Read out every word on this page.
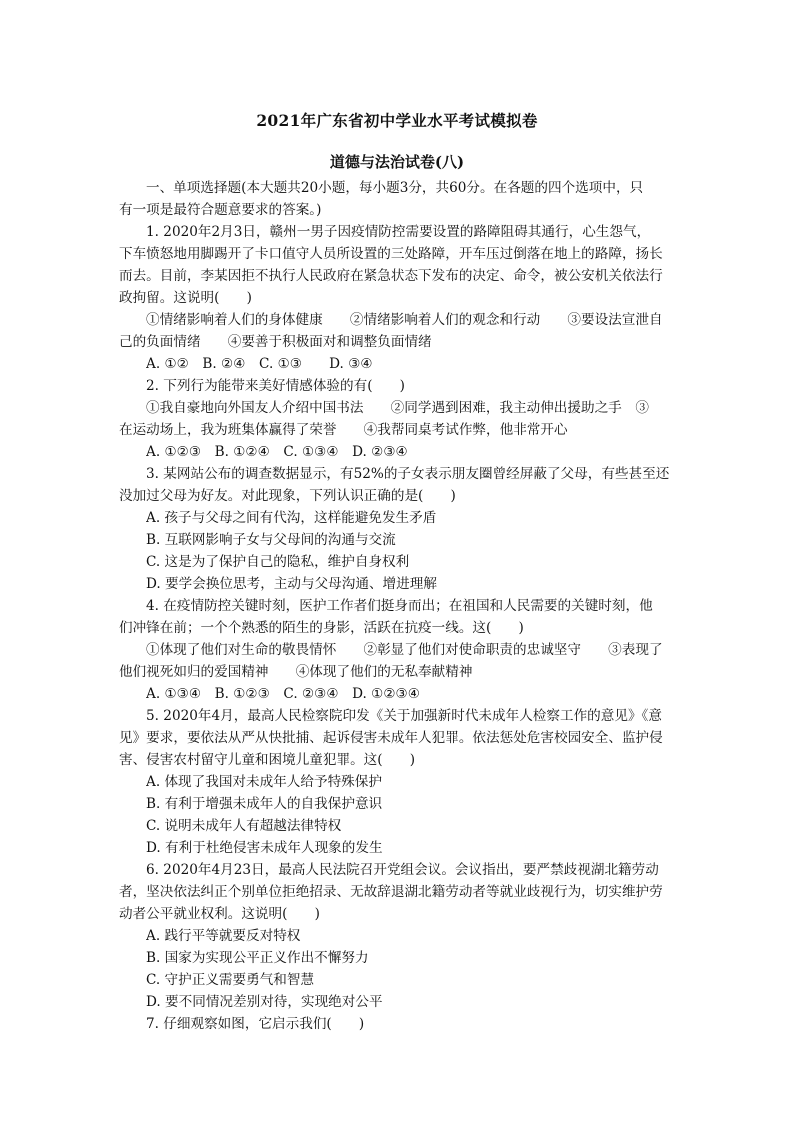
2021年广东省初中学业水平考试模拟卷
道德与法治试卷(八)
一、单项选择题(本大题共20小题，每小题3分，共60分。在各题的四个选项中，只
有一项是最符合题意要求的答案。)
1. 2020年2月3日，赣州一男子因疫情防控需要设置的路障阻碍其通行，心生怨气，
下车愤怒地用脚踢开了卡口值守人员所设置的三处路障，开车压过倒落在地上的路障，扬长
而去。目前，李某因拒不执行人民政府在紧急状态下发布的决定、命令，被公安机关依法行
政拘留。这说明(　　)
①情绪影响着人们的身体健康　　②情绪影响着人们的观念和行动　　③要设法宣泄自
己的负面情绪　　④要善于积极面对和调整负面情绪
A. ①②　B. ②④　C. ①③　　D. ③④
2. 下列行为能带来美好情感体验的有(　　)
①我自豪地向外国友人介绍中国书法　　②同学遇到困难，我主动伸出援助之手　③
在运动场上，我为班集体赢得了荣誉　　④我帮同桌考试作弊，他非常开心
A. ①②③　B. ①②④　C. ①③④　D. ②③④
3. 某网站公布的调查数据显示，有52%的子女表示朋友圈曾经屏蔽了父母，有些甚至还
没加过父母为好友。对此现象，下列认识正确的是(　　)
A. 孩子与父母之间有代沟，这样能避免发生矛盾
B. 互联网影响子女与父母间的沟通与交流
C. 这是为了保护自己的隐私，维护自身权利
D. 要学会换位思考，主动与父母沟通、增进理解
4. 在疫情防控关键时刻，医护工作者们挺身而出；在祖国和人民需要的关键时刻，他
们冲锋在前；一个个熟悉的陌生的身影，活跃在抗疫一线。这(　　)
①体现了他们对生命的敬畏情怀　　②彰显了他们对使命职责的忠诚坚守　　③表现了
他们视死如归的爱国精神　　④体现了他们的无私奉献精神
A. ①③④　B. ①②③　C. ②③④　D. ①②③④
5. 2020年4月，最高人民检察院印发《关于加强新时代未成年人检察工作的意见》《意
见》要求，要依法从严从快批捕、起诉侵害未成年人犯罪。依法惩处危害校园安全、监护侵
害、侵害农村留守儿童和困境儿童犯罪。这(　　)
A. 体现了我国对未成年人给予特殊保护
B. 有利于增强未成年人的自我保护意识
C. 说明未成年人有超越法律特权
D. 有利于杜绝侵害未成年人现象的发生
6. 2020年4月23日，最高人民法院召开党组会议。会议指出，要严禁歧视湖北籍劳动
者，坚决依法纠正个别单位拒绝招录、无故辞退湖北籍劳动者等就业歧视行为，切实维护劳
动者公平就业权利。这说明(　　)
A. 践行平等就要反对特权
B. 国家为实现公平正义作出不懈努力
C. 守护正义需要勇气和智慧
D. 要不同情况差别对待，实现绝对公平
7. 仔细观察如图，它启示我们(　　)
